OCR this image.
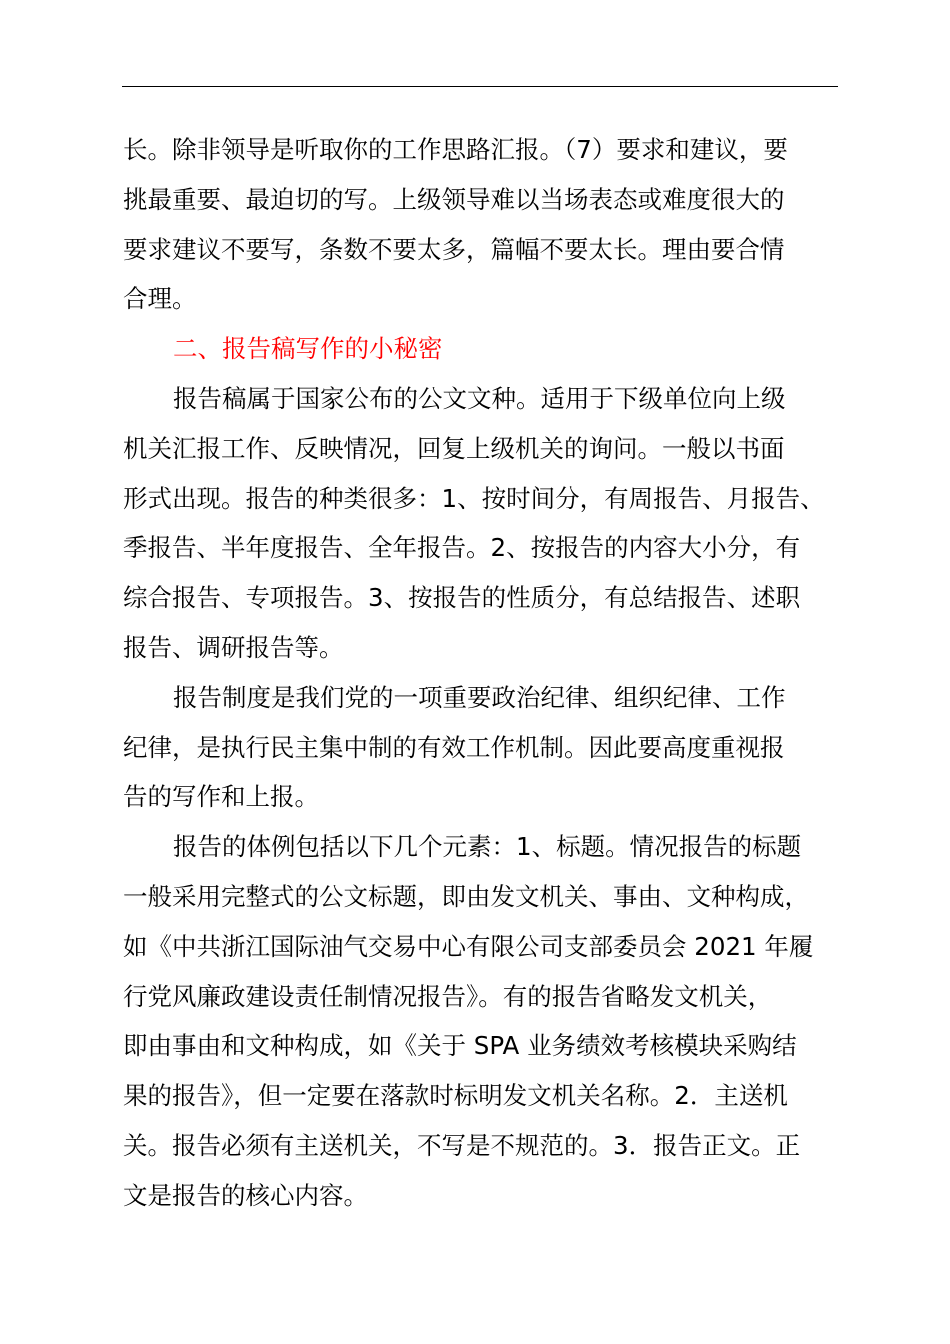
长。除非领导是听取你的工作思路汇报。（7）要求和建议，要
挑最重要、最迫切的写。上级领导难以当场表态或难度很大的
要求建议不要写，条数不要太多，篇幅不要太长。理由要合情
合理。
二、报告稿写作的小秘密
报告稿属于国家公布的公文文种。适用于下级单位向上级
机关汇报工作、反映情况，回复上级机关的询问。一般以书面
形式出现。报告的种类很多：1、按时间分，有周报告、月报告、
季报告、半年度报告、全年报告。2、按报告的内容大小分，有
综合报告、专项报告。3、按报告的性质分，有总结报告、述职
报告、调研报告等。
报告制度是我们党的一项重要政治纪律、组织纪律、工作
纪律，是执行民主集中制的有效工作机制。因此要高度重视报
告的写作和上报。
报告的体例包括以下几个元素：1、标题。情况报告的标题
一般采用完整式的公文标题，即由发文机关、事由、文种构成，
如《中共浙江国际油气交易中心有限公司支部委员会 2021 年履
行党风廉政建设责任制情况报告》。有的报告省略发文机关，
即由事由和文种构成，如《关于 SPA 业务绩效考核模块采购结
果的报告》，但一定要在落款时标明发文机关名称。2．主送机
关。报告必须有主送机关，不写是不规范的。3．报告正文。正
文是报告的核心内容。
